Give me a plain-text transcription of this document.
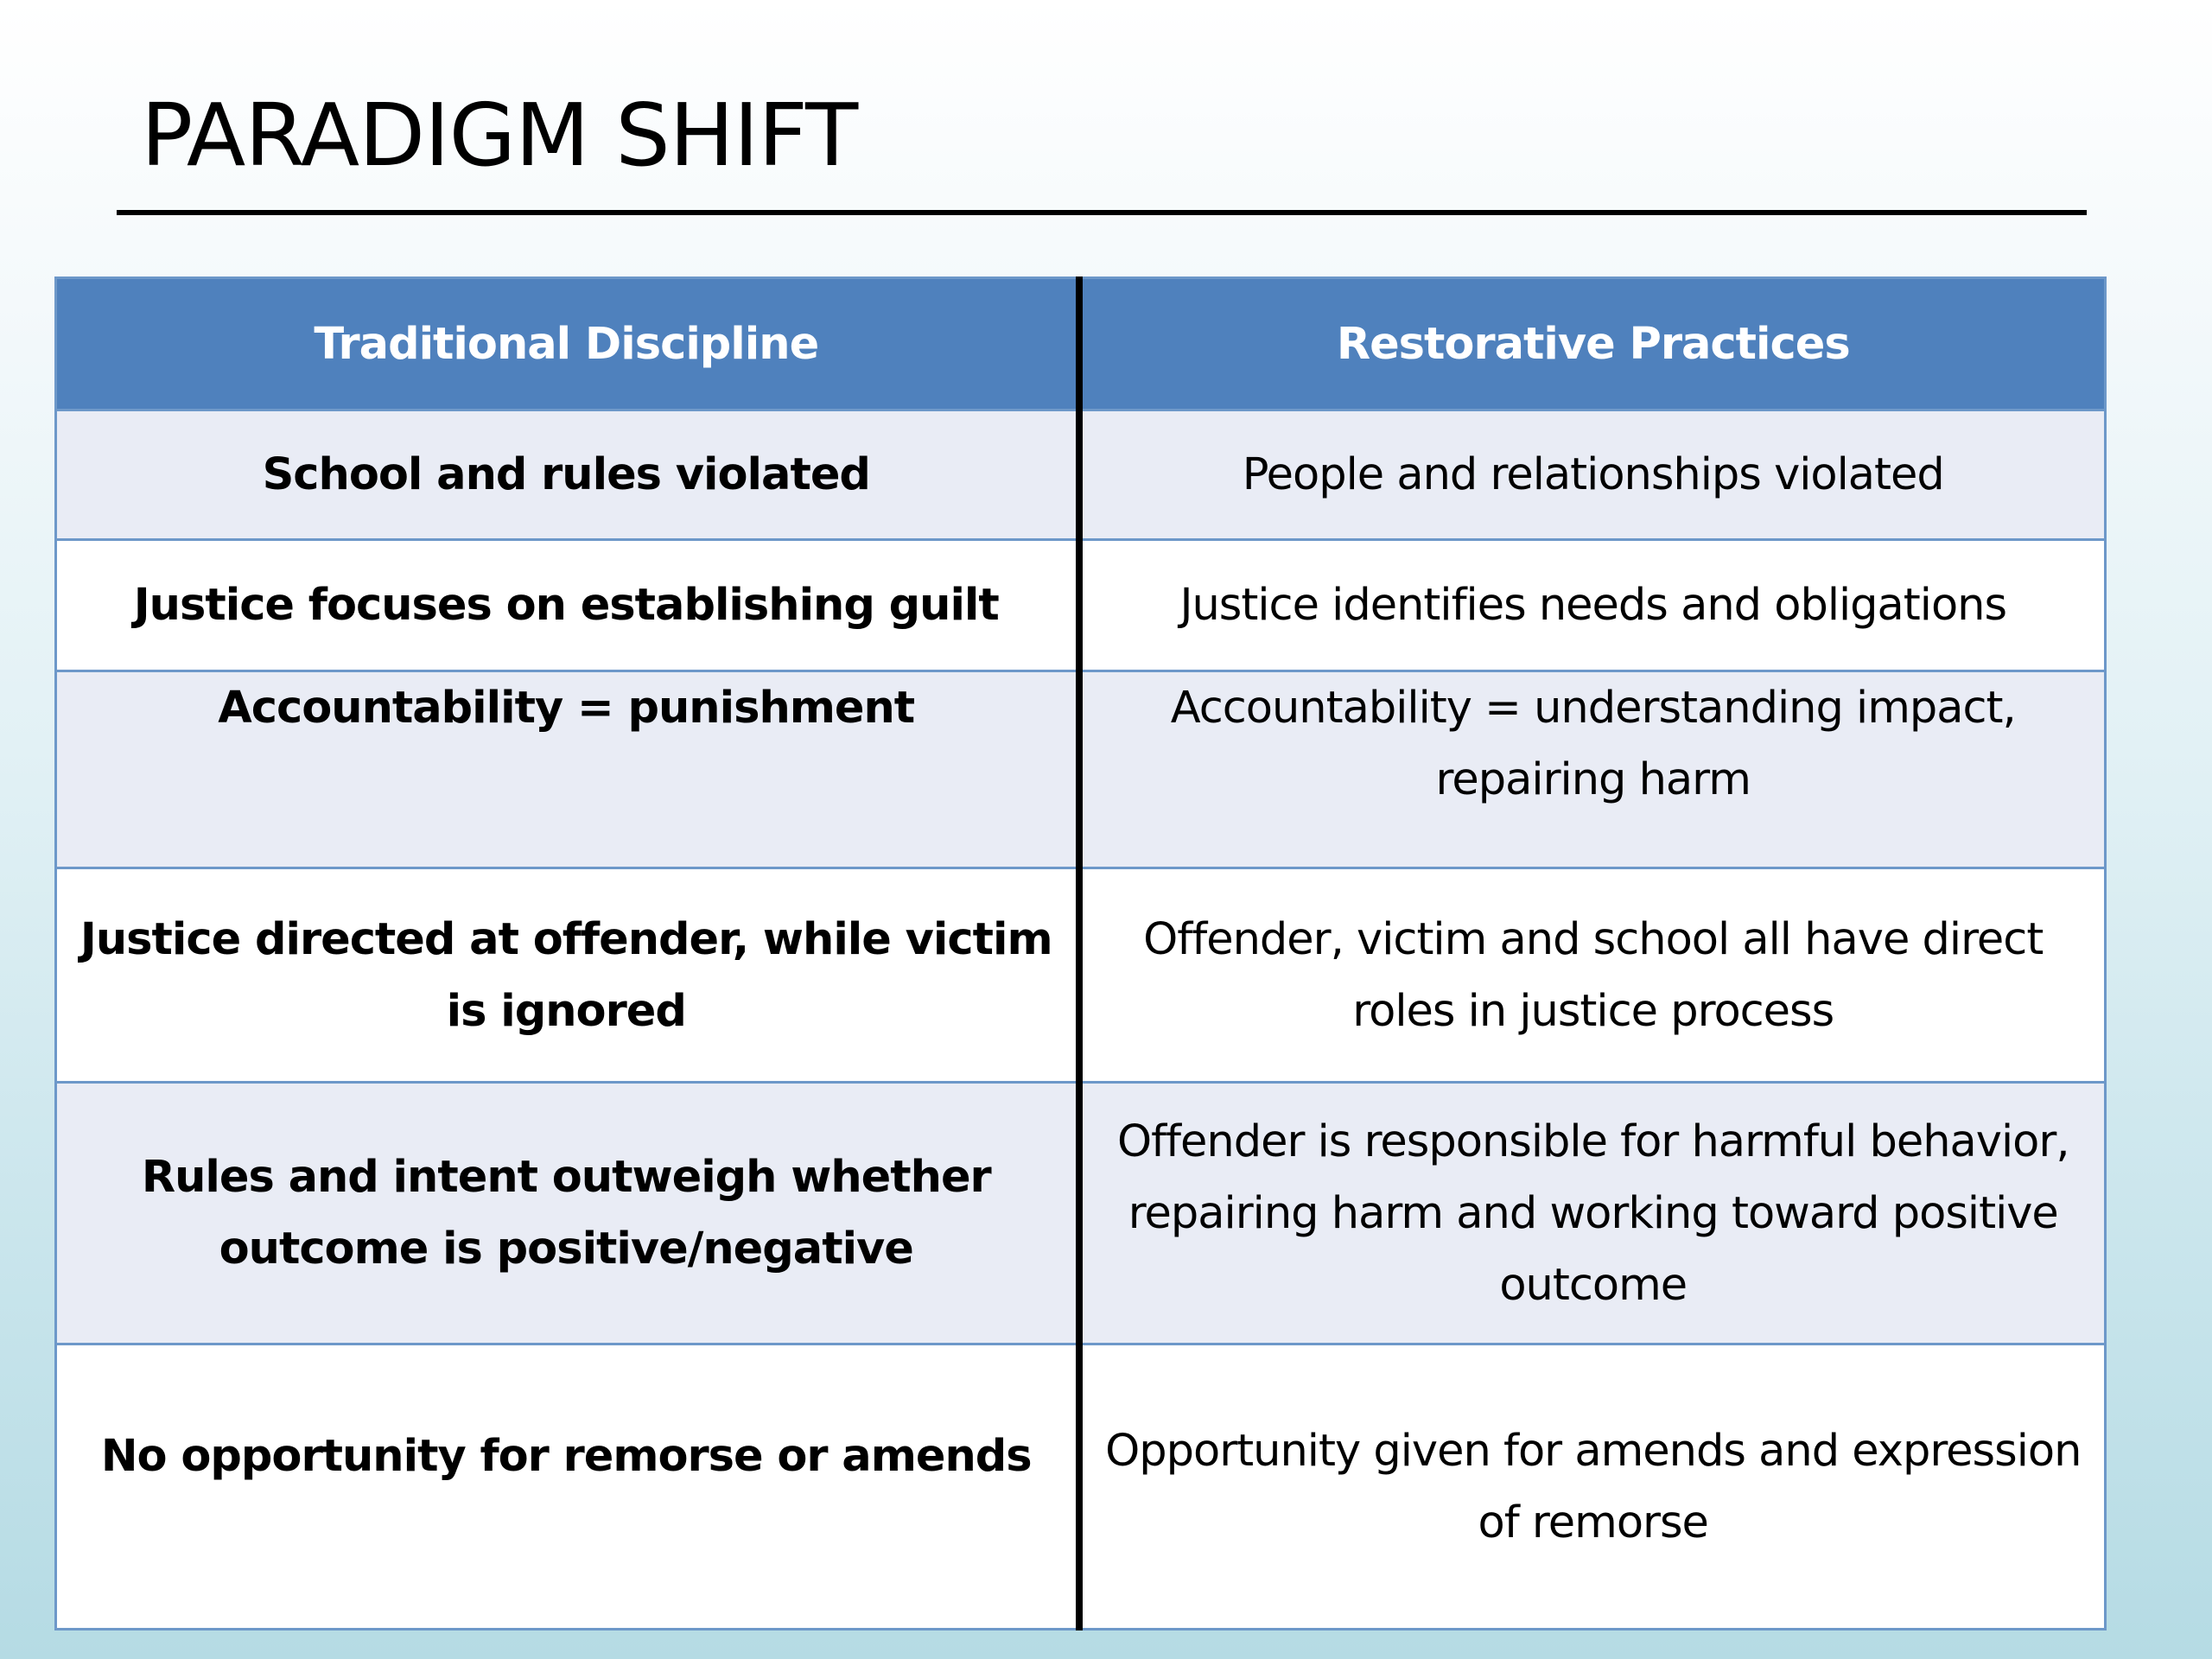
PARADIGM SHIFT
Traditional Discipline	Restorative Practices
School and rules violated	People and relationships violated
Justice focuses on establishing guilt	Justice identifies needs and obligations
Accountability = punishment	Accountability = understanding impact, repairing harm
Justice directed at offender, while victim is ignored	Offender, victim and school all have direct roles in justice process
Rules and intent outweigh whether outcome is positive/negative	Offender is responsible for harmful behavior, repairing harm and working toward positive outcome
No opportunity for remorse or amends	Opportunity given for amends and expression of remorse
